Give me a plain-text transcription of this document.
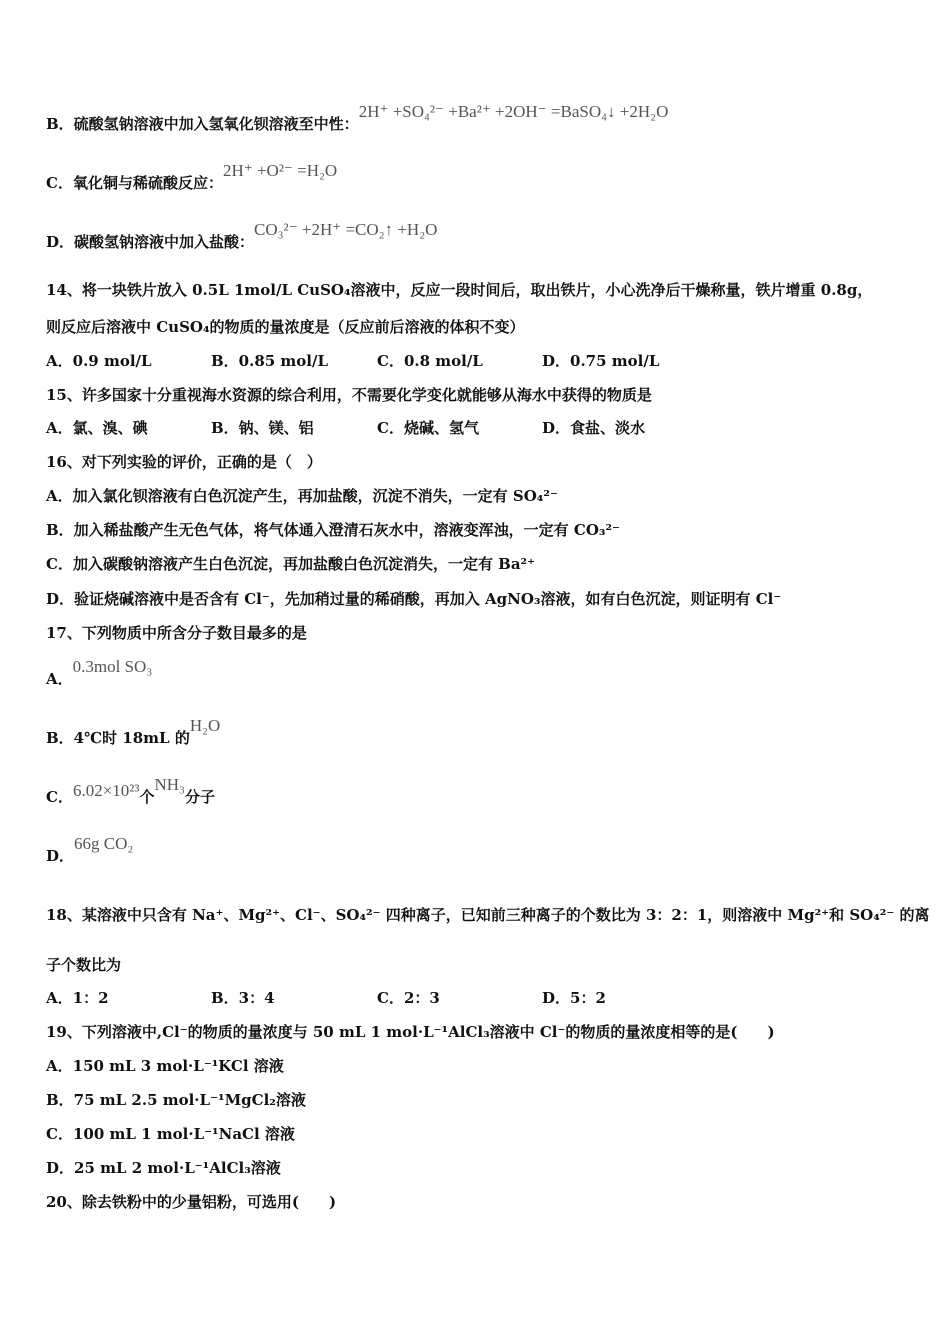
B．硫酸氢钠溶液中加入氢氧化钡溶液至中性：2H⁺ +SO₄²⁻ +Ba²⁺ +2OH⁻ =BaSO₄↓ +2H₂O
C．氧化铜与稀硫酸反应：2H⁺ +O²⁻ =H₂O
D．碳酸氢钠溶液中加入盐酸：CO₃²⁻ +2H⁺ =CO₂↑ +H₂O
14、将一块铁片放入 0.5L 1mol/L CuSO₄溶液中，反应一段时间后，取出铁片，小心洗净后干燥称量，铁片增重 0.8g，
则反应后溶液中 CuSO₄的物质的量浓度是（反应前后溶液的体积不变）
A．0.9 mol/L	B．0.85 mol/L	C．0.8 mol/L	D．0.75 mol/L
15、许多国家十分重视海水资源的综合利用，不需要化学变化就能够从海水中获得的物质是
A．氯、溴、碘	B．钠、镁、铝	C．烧碱、氢气	D．食盐、淡水
16、对下列实验的评价，正确的是（　）
A．加入氯化钡溶液有白色沉淀产生，再加盐酸，沉淀不消失，一定有 SO₄²⁻
B．加入稀盐酸产生无色气体，将气体通入澄清石灰水中，溶液变浑浊，一定有 CO₃²⁻
C．加入碳酸钠溶液产生白色沉淀，再加盐酸白色沉淀消失，一定有 Ba²⁺
D．验证烧碱溶液中是否含有 Cl⁻，先加稍过量的稀硝酸，再加入 AgNO₃溶液，如有白色沉淀，则证明有 Cl⁻
17、下列物质中所含分子数目最多的是
A．0.3mol SO₃
B．4℃时 18mL 的H₂O
C．6.02×10²³个NH₃分子
D．66g CO₂
18、某溶液中只含有 Na⁺、Mg²⁺、Cl⁻、SO₄²⁻ 四种离子，已知前三种离子的个数比为 3：2：1，则溶液中 Mg²⁺和 SO₄²⁻ 的离
子个数比为
A．1：2	B．3：4	C．2：3	D．5：2
19、下列溶液中,Cl⁻的物质的量浓度与 50 mL 1 mol·L⁻¹AlCl₃溶液中 Cl⁻的物质的量浓度相等的是(　　)
A．150 mL 3 mol·L⁻¹KCl 溶液
B．75 mL 2.5 mol·L⁻¹MgCl₂溶液
C．100 mL 1 mol·L⁻¹NaCl 溶液
D．25 mL 2 mol·L⁻¹AlCl₃溶液
20、除去铁粉中的少量铝粉，可选用(　　)
